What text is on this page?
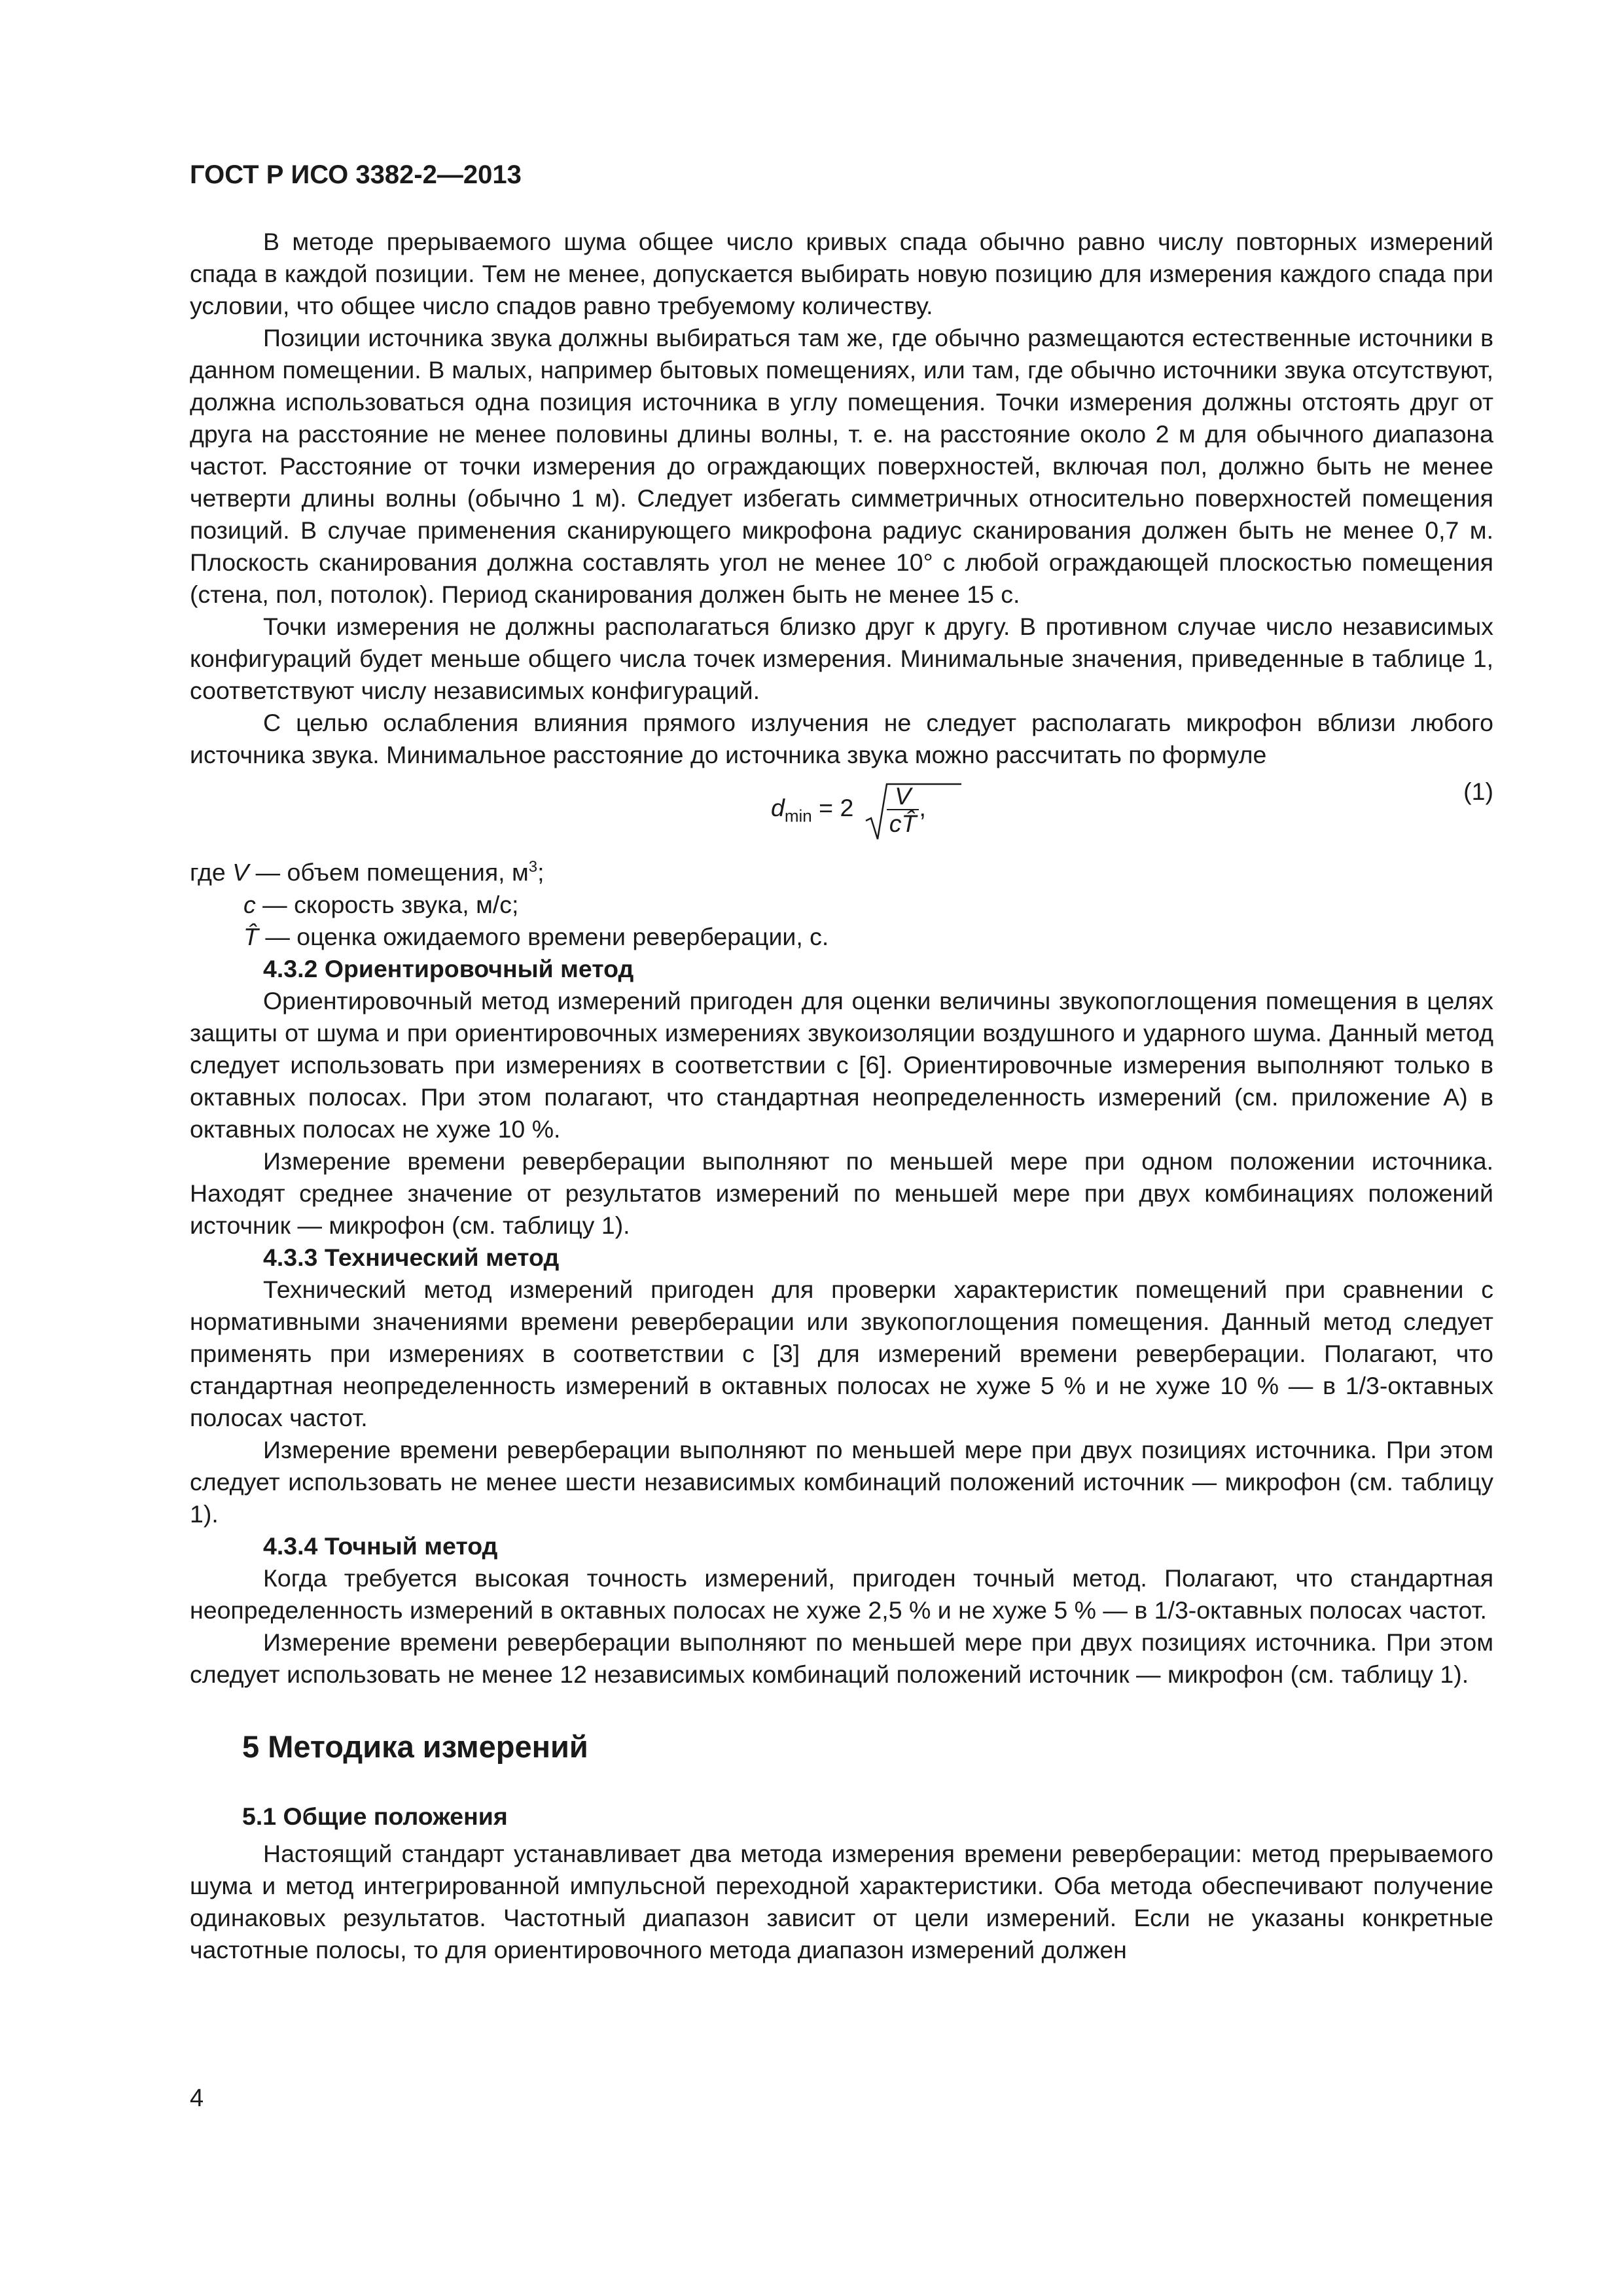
ГОСТ Р ИСО 3382-2—2013

В методе прерываемого шума общее число кривых спада обычно равно числу повторных измерений спада в каждой позиции. Тем не менее, допускается выбирать новую позицию для измерения каждого спада при условии, что общее число спадов равно требуемому количеству.

Позиции источника звука должны выбираться там же, где обычно размещаются естественные источники в данном помещении. В малых, например бытовых помещениях, или там, где обычно источники звука отсутствуют, должна использоваться одна позиция источника в углу помещения. Точки измерения должны отстоять друг от друга на расстояние не менее половины длины волны, т. е. на расстояние около 2 м для обычного диапазона частот. Расстояние от точки измерения до ограждающих поверхностей, включая пол, должно быть не менее четверти длины волны (обычно 1 м). Следует избегать симметричных относительно поверхностей помещения позиций. В случае применения сканирующего микрофона радиус сканирования должен быть не менее 0,7 м. Плоскость сканирования должна составлять угол не менее 10° с любой ограждающей плоскостью помещения (стена, пол, потолок). Период сканирования должен быть не менее 15 с.

Точки измерения не должны располагаться близко друг к другу. В противном случае число независимых конфигураций будет меньше общего числа точек измерения. Минимальные значения, приведенные в таблице 1, соответствуют числу независимых конфигураций.

С целью ослабления влияния прямого излучения не следует располагать микрофон вблизи любого источника звука. Минимальное расстояние до источника звука можно рассчитать по формуле

$d_{min} = 2 \frac{V}{cT̂}$ ,
(1)

где V — объем помещения, $м^3$;

c — скорость звука, м/с;

T̂ — оценка ожидаемого времени реверберации, с.

4.3.2 Ориентировочный метод

Ориентировочный метод измерений пригоден для оценки величины звукопоглощения помещения в целях защиты от шума и при ориентировочных измерениях звукоизоляции воздушного и ударного шума. Данный метод следует использовать при измерениях в соответствии с [6]. Ориентировочные измерения выполняют только в октавных полосах. При этом полагают, что стандартная неопределенность измерений (см. приложение А) в октавных полосах не хуже 10 %.

Измерение времени реверберации выполняют по меньшей мере при одном положении источника. Находят среднее значение от результатов измерений по меньшей мере при двух комбинациях положений источник — микрофон (см. таблицу 1).

4.3.3 Технический метод

Технический метод измерений пригоден для проверки характеристик помещений при сравнении с нормативными значениями времени реверберации или звукопоглощения помещения. Данный метод следует применять при измерениях в соответствии с [3] для измерений времени реверберации. Полагают, что стандартная неопределенность измерений в октавных полосах не хуже 5 % и не хуже 10 % — в 1/3-октавных полосах частот.

Измерение времени реверберации выполняют по меньшей мере при двух позициях источника. При этом следует использовать не менее шести независимых комбинаций положений источник — микрофон (см. таблицу 1).

4.3.4 Точный метод

Когда требуется высокая точность измерений, пригоден точный метод. Полагают, что стандартная неопределенность измерений в октавных полосах не хуже 2,5 % и не хуже 5 % — в 1/3-октавных полосах частот.

Измерение времени реверберации выполняют по меньшей мере при двух позициях источника. При этом следует использовать не менее 12 независимых комбинаций положений источник — микрофон (см. таблицу 1).

5 Методика измерений
5.1 Общие положения

Настоящий стандарт устанавливает два метода измерения времени реверберации: метод прерываемого шума и метод интегрированной импульсной переходной характеристики. Оба метода обеспечивают получение одинаковых результатов. Частотный диапазон зависит от цели измерений. Если не указаны конкретные частотные полосы, то для ориентировочного метода диапазон измерений должен

4
